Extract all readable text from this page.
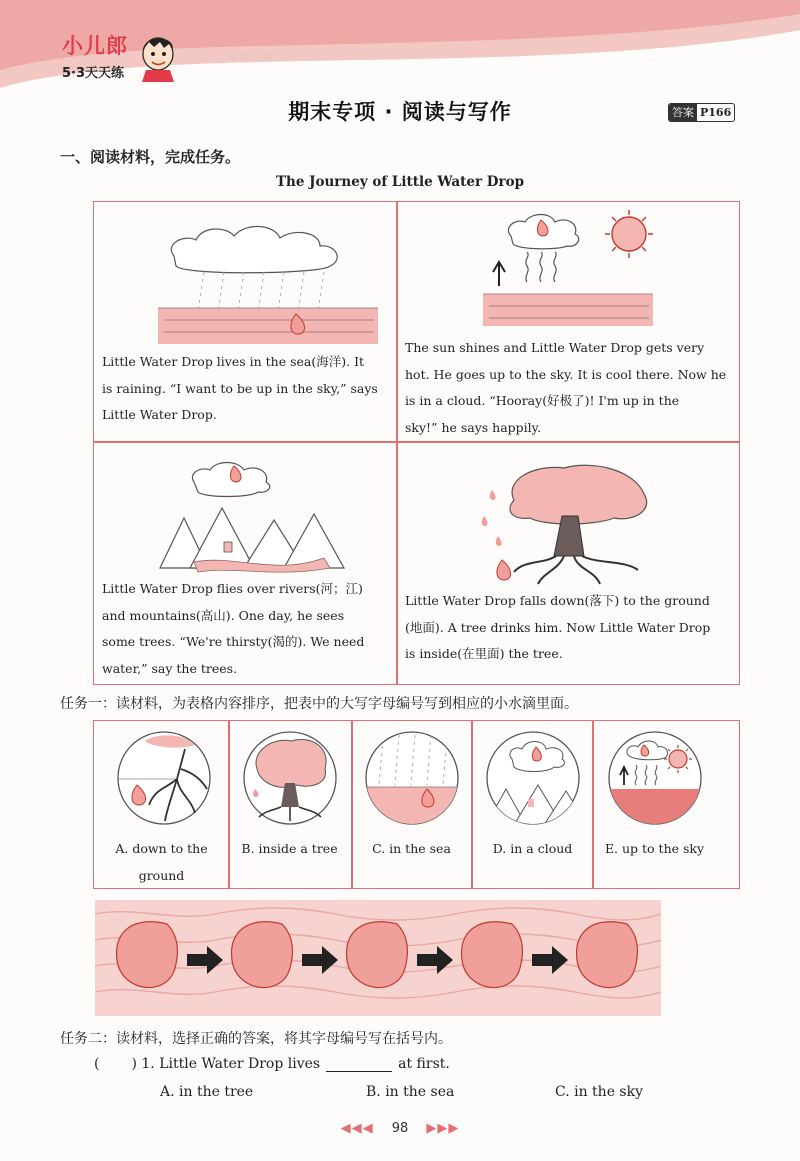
小儿郎
5·3天天练
东北少年
期末专项 · 阅读与写作	答案 P166
一、阅读材料，完成任务。
The Journey of Little Water Drop
Little Water Drop lives in the sea(海洋). It
is raining. “I want to be up in the sky,” says
Little Water Drop.
The sun shines and Little Water Drop gets very
hot. He goes up to the sky. It is cool there. Now he
is in a cloud. “Hooray(好极了)! I'm up in the
sky!” he says happily.
Little Water Drop flies over rivers(河；江)
and mountains(高山). One day, he sees
some trees. “We're thirsty(渴的). We need
water,” say the trees.
Little Water Drop falls down(落下) to the ground
(地面). A tree drinks him. Now Little Water Drop
is inside(在里面) the tree.
任务一：读材料，为表格内容排序，把表中的大写字母编号写到相应的小水滴里面。
A. down to the
ground
B. inside a tree	C. in the sea	D. in a cloud	E. up to the sky
任务二：读材料，选择正确的答案，将其字母编号写在括号内。
( ) 1. Little Water Drop lives	at first.
A. in the tree	B. in the sea	C. in the sky
◀◀◀ 98 ▶▶▶
